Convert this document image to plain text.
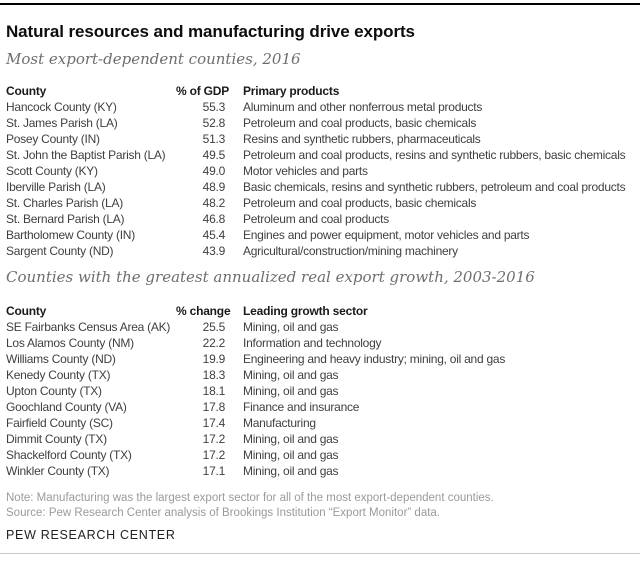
Natural resources and manufacturing drive exports
Most export-dependent counties, 2016
County	% of GDP	Primary products
Hancock County (KY)	55.3	Aluminum and other nonferrous metal products
St. James Parish (LA)	52.8	Petroleum and coal products, basic chemicals
Posey County (IN)	51.3	Resins and synthetic rubbers, pharmaceuticals
St. John the Baptist Parish (LA)	49.5	Petroleum and coal products, resins and synthetic rubbers, basic chemicals
Scott County (KY)	49.0	Motor vehicles and parts
Iberville Parish (LA)	48.9	Basic chemicals, resins and synthetic rubbers, petroleum and coal products
St. Charles Parish (LA)	48.2	Petroleum and coal products, basic chemicals
St. Bernard Parish (LA)	46.8	Petroleum and coal products
Bartholomew County (IN)	45.4	Engines and power equipment, motor vehicles and parts
Sargent County (ND)	43.9	Agricultural/construction/mining machinery
Counties with the greatest annualized real export growth, 2003-2016
County	% change	Leading growth sector
SE Fairbanks Census Area (AK)	25.5	Mining, oil and gas
Los Alamos County (NM)	22.2	Information and technology
Williams County (ND)	19.9	Engineering and heavy industry; mining, oil and gas
Kenedy County (TX)	18.3	Mining, oil and gas
Upton County (TX)	18.1	Mining, oil and gas
Goochland County (VA)	17.8	Finance and insurance
Fairfield County (SC)	17.4	Manufacturing
Dimmit County (TX)	17.2	Mining, oil and gas
Shackelford County (TX)	17.2	Mining, oil and gas
Winkler County (TX)	17.1	Mining, oil and gas
Note: Manufacturing was the largest export sector for all of the most export-dependent counties.
Source: Pew Research Center analysis of Brookings Institution “Export Monitor” data.
PEW RESEARCH CENTER
